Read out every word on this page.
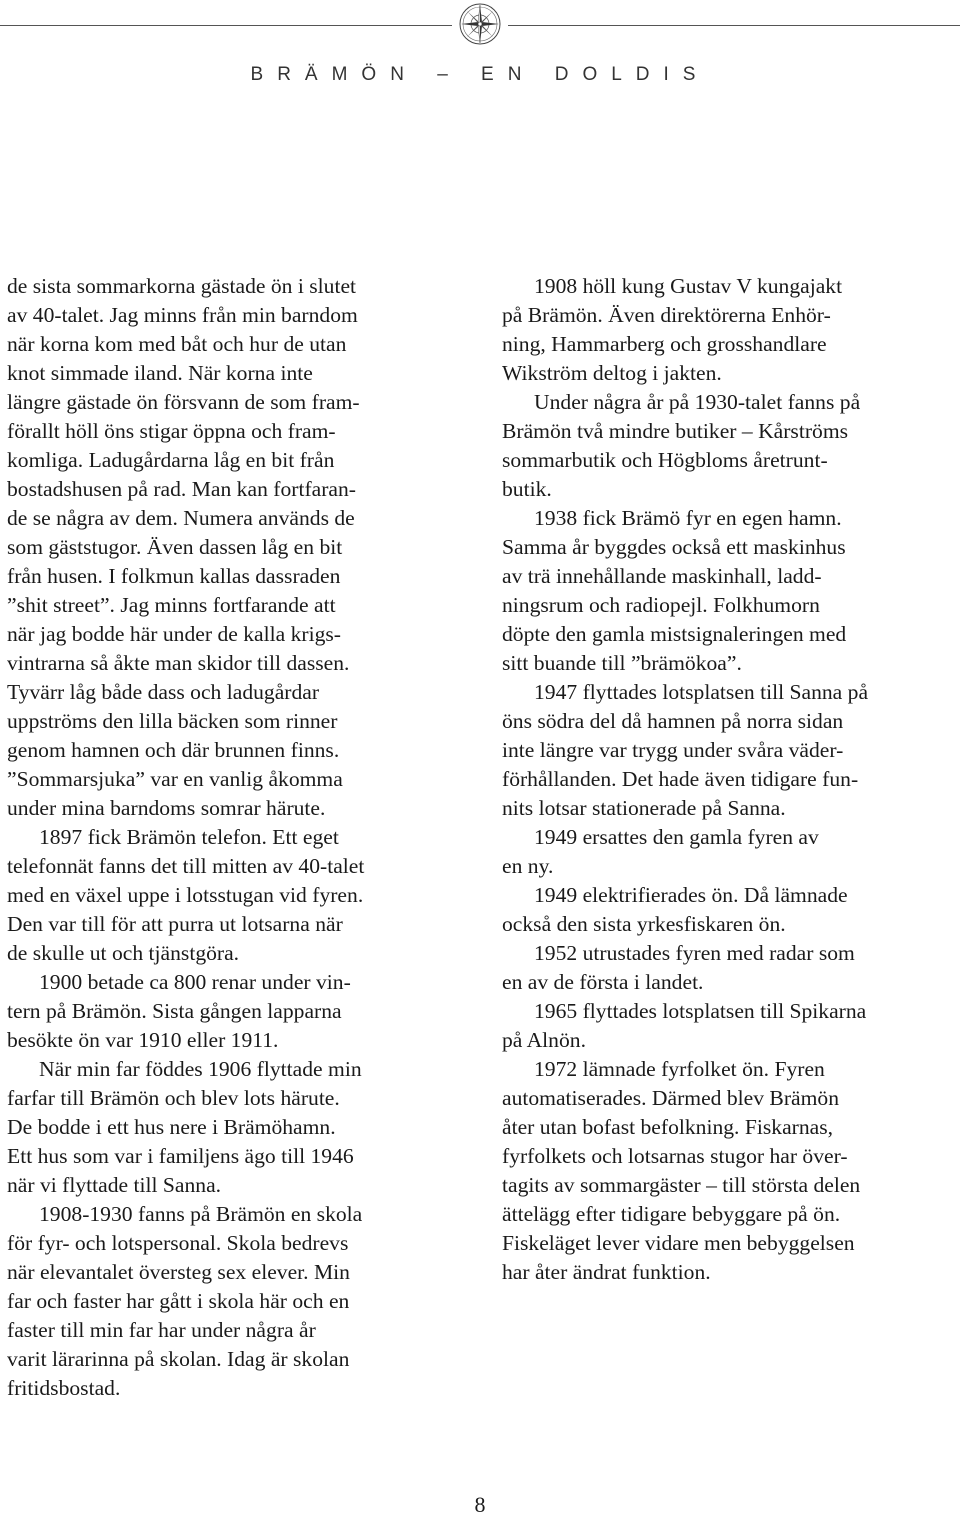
BRÄMÖN – EN DOLDIS
de sista sommarkorna gästade ön i slutet
av 40-talet. Jag minns från min barndom
när korna kom med båt och hur de utan
knot simmade iland. När korna inte
längre gästade ön försvann de som fram-
förallt höll öns stigar öppna och fram-
komliga. Ladugårdarna låg en bit från
bostadshusen på rad. Man kan fortfaran-
de se några av dem. Numera används de
som gäststugor. Även dassen låg en bit
från husen. I folkmun kallas dassraden
”shit street”. Jag minns fortfarande att
när jag bodde här under de kalla krigs-
vintrarna så åkte man skidor till dassen.
Tyvärr låg både dass och ladugårdar
uppströms den lilla bäcken som rinner
genom hamnen och där brunnen finns.
”Sommarsjuka” var en vanlig åkomma
under mina barndoms somrar härute.
1897 fick Brämön telefon. Ett eget
telefonnät fanns det till mitten av 40-talet
med en växel uppe i lotsstugan vid fyren.
Den var till för att purra ut lotsarna när
de skulle ut och tjänstgöra.
1900 betade ca 800 renar under vin-
tern på Brämön. Sista gången lapparna
besökte ön var 1910 eller 1911.
När min far föddes 1906 flyttade min
farfar till Brämön och blev lots härute.
De bodde i ett hus nere i Brämöhamn.
Ett hus som var i familjens ägo till 1946
när vi flyttade till Sanna.
1908-1930 fanns på Brämön en skola
för fyr- och lotspersonal. Skola bedrevs
när elevantalet översteg sex elever. Min
far och faster har gått i skola här och en
faster till min far har under några år
varit lärarinna på skolan. Idag är skolan
fritidsbostad.
1908 höll kung Gustav V kungajakt
på Brämön. Även direktörerna Enhör-
ning, Hammarberg och grosshandlare
Wikström deltog i jakten.
Under några år på 1930-talet fanns på
Brämön två mindre butiker – Kårströms
sommarbutik och Högbloms åretrunt-
butik.
1938 fick Brämö fyr en egen hamn.
Samma år byggdes också ett maskinhus
av trä innehållande maskinhall, ladd-
ningsrum och radiopejl. Folkhumorn
döpte den gamla mistsignaleringen med
sitt buande till ”brämökoa”.
1947 flyttades lotsplatsen till Sanna på
öns södra del då hamnen på norra sidan
inte längre var trygg under svåra väder-
förhållanden. Det hade även tidigare fun-
nits lotsar stationerade på Sanna.
1949 ersattes den gamla fyren av
en ny.
1949 elektrifierades ön. Då lämnade
också den sista yrkesfiskaren ön.
1952 utrustades fyren med radar som
en av de första i landet.
1965 flyttades lotsplatsen till Spikarna
på Alnön.
1972 lämnade fyrfolket ön. Fyren
automatiserades. Därmed blev Brämön
åter utan bofast befolkning. Fiskarnas,
fyrfolkets och lotsarnas stugor har över-
tagits av sommargäster – till största delen
ättelägg efter tidigare bebyggare på ön.
Fiskeläget lever vidare men bebyggelsen
har åter ändrat funktion.
8
